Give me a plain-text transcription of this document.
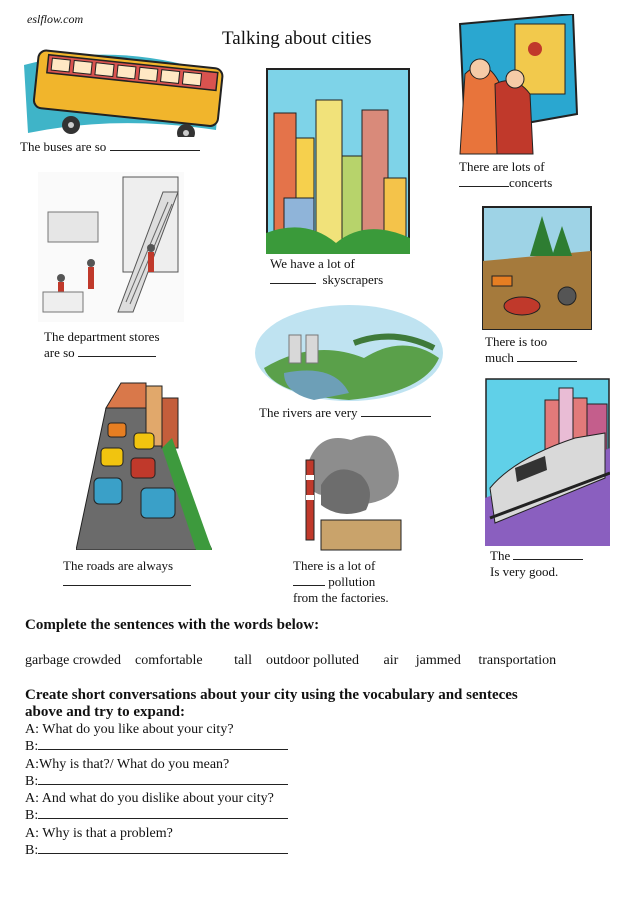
eslflow.com
Talking about cities
The buses are so
We have a lot of
skyscrapers
There are lots of
concerts
The department stores
are so
There is too
much
The rivers are very
The roads are always	There is a lot of
pollution
from the factories.
The
Is very good.
Complete the sentences with the words below:
garbage crowded comfortable tall outdoor polluted air jammed transportation
Create short conversations about your city using the vocabulary and senteces
above and try to expand:
A: What do you like about your city?
B:
A:Why is that?/ What do you mean?
B:
A: And what do you dislike about your city?
B:
A: Why is that a problem?
B:
